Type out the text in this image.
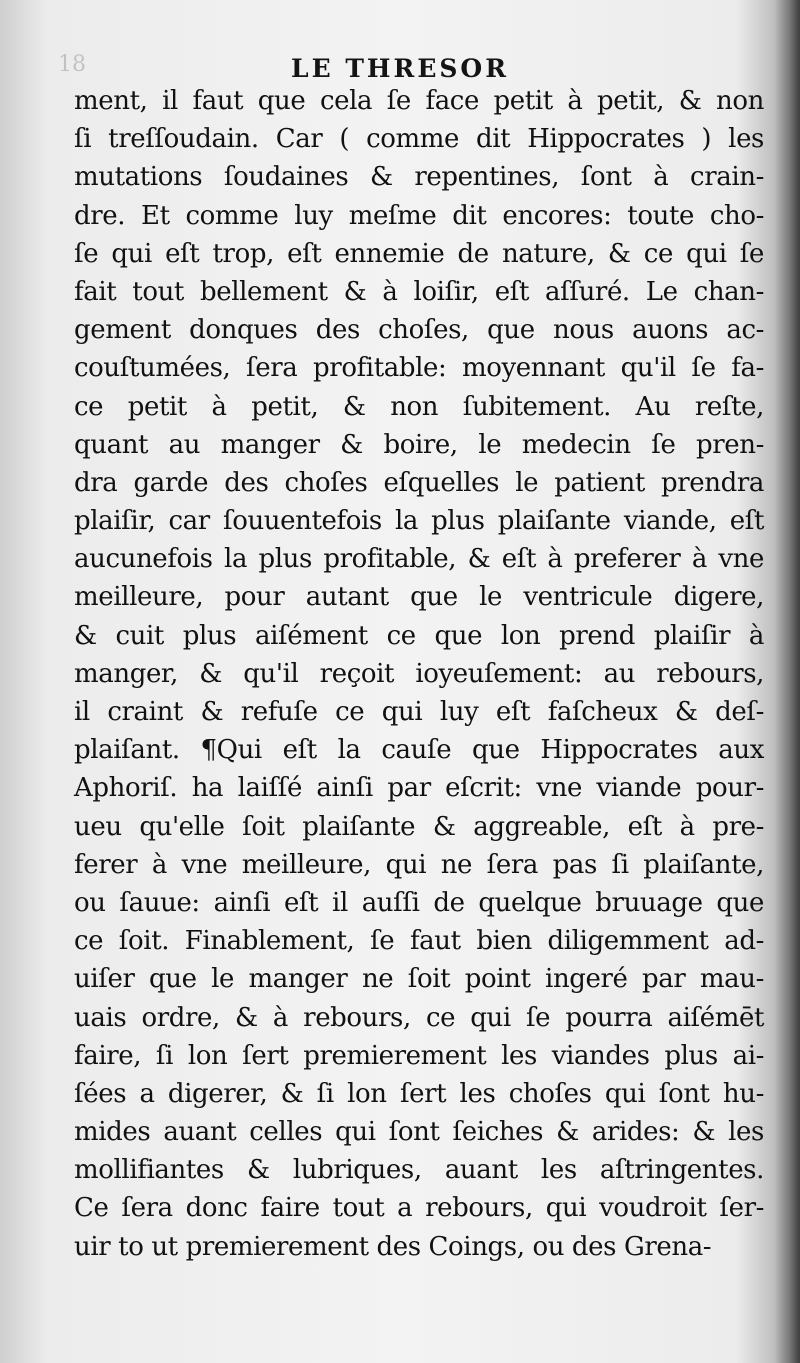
18	LE THRESOR
ment, il faut que cela ſe face petit à petit, & non
ſi treſſoudain. Car ( comme dit Hippocrates ) les
mutations ſoudaines & repentines, ſont à crain-
dre. Et comme luy meſme dit encores: toute cho-
ſe qui eſt trop, eſt ennemie de nature, & ce qui ſe
fait tout bellement & à loiſir, eſt aſſuré. Le chan-
gement donques des choſes, que nous auons ac-
couſtumées, ſera profitable: moyennant qu'il ſe fa-
ce petit à petit, & non ſubitement. Au reſte,
quant au manger & boire, le medecin ſe pren-
dra garde des choſes eſquelles le patient prendra
plaiſir, car ſouuentefois la plus plaiſante viande, eſt
aucunefois la plus profitable, & eſt à preferer à vne
meilleure, pour autant que le ventricule digere,
& cuit plus aiſément ce que lon prend plaiſir à
manger, & qu'il reçoit ioyeuſement: au rebours,
il craint & refuſe ce qui luy eſt faſcheux & deſ-
plaiſant. ¶Qui eſt la cauſe que Hippocrates aux
Aphoriſ. ha laiſſé ainſi par eſcrit: vne viande pour-
ueu qu'elle ſoit plaiſante & aggreable, eſt à pre-
ferer à vne meilleure, qui ne ſera pas ſi plaiſante,
ou ſauue: ainſi eſt il auſſi de quelque bruuage que
ce ſoit. Finablement, ſe faut bien diligemment ad-
uiſer que le manger ne ſoit point ingeré par mau-
uais ordre, & à rebours, ce qui ſe pourra aiſémēt
faire, ſi lon ſert premierement les viandes plus ai-
ſées a digerer, & ſi lon ſert les choſes qui ſont hu-
mides auant celles qui ſont ſeiches & arides: & les
mollifiantes & lubriques, auant les aſtringentes.
Ce ſera donc faire tout a rebours, qui voudroit ſer-
uir to ut premierement des Coings, ou des Grena-
